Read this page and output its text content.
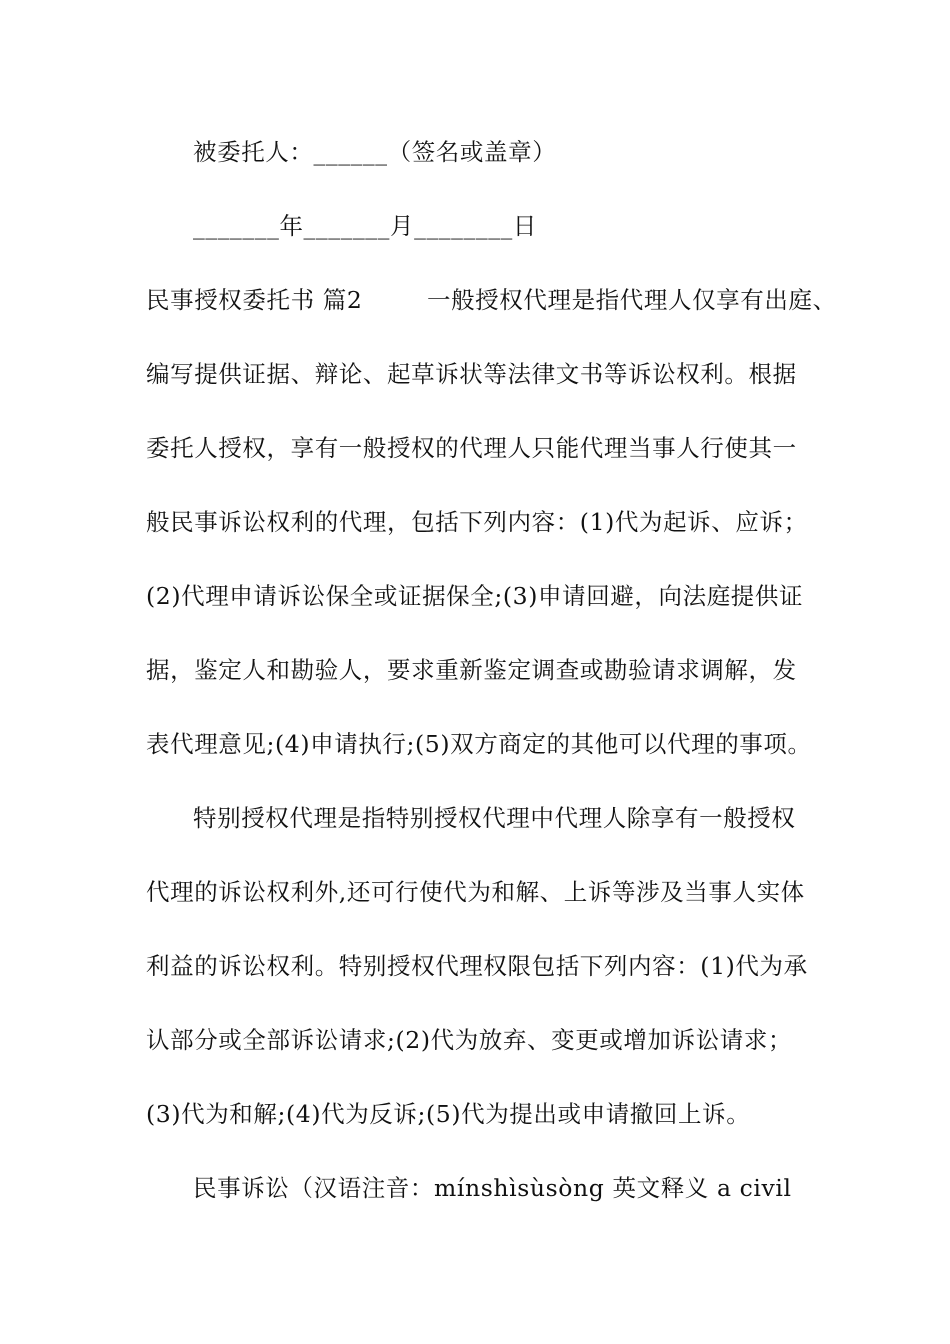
被委托人：______（签名或盖章）
_______年_______月________日
民事授权委托书 篇2        一般授权代理是指代理人仅享有出庭、
编写提供证据、辩论、起草诉状等法律文书等诉讼权利。根据
委托人授权，享有一般授权的代理人只能代理当事人行使其一
般民事诉讼权利的代理，包括下列内容：(1)代为起诉、应诉；
(2)代理申请诉讼保全或证据保全;(3)申请回避，向法庭提供证
据，鉴定人和勘验人，要求重新鉴定调查或勘验请求调解，发
表代理意见;(4)申请执行;(5)双方商定的其他可以代理的事项。
特别授权代理是指特别授权代理中代理人除享有一般授权
代理的诉讼权利外,还可行使代为和解、上诉等涉及当事人实体
利益的诉讼权利。特别授权代理权限包括下列内容：(1)代为承
认部分或全部诉讼请求;(2)代为放弃、变更或增加诉讼请求；
(3)代为和解;(4)代为反诉;(5)代为提出或申请撤回上诉。
民事诉讼（汉语注音：mínshìsùsòng 英文释义 a civil
